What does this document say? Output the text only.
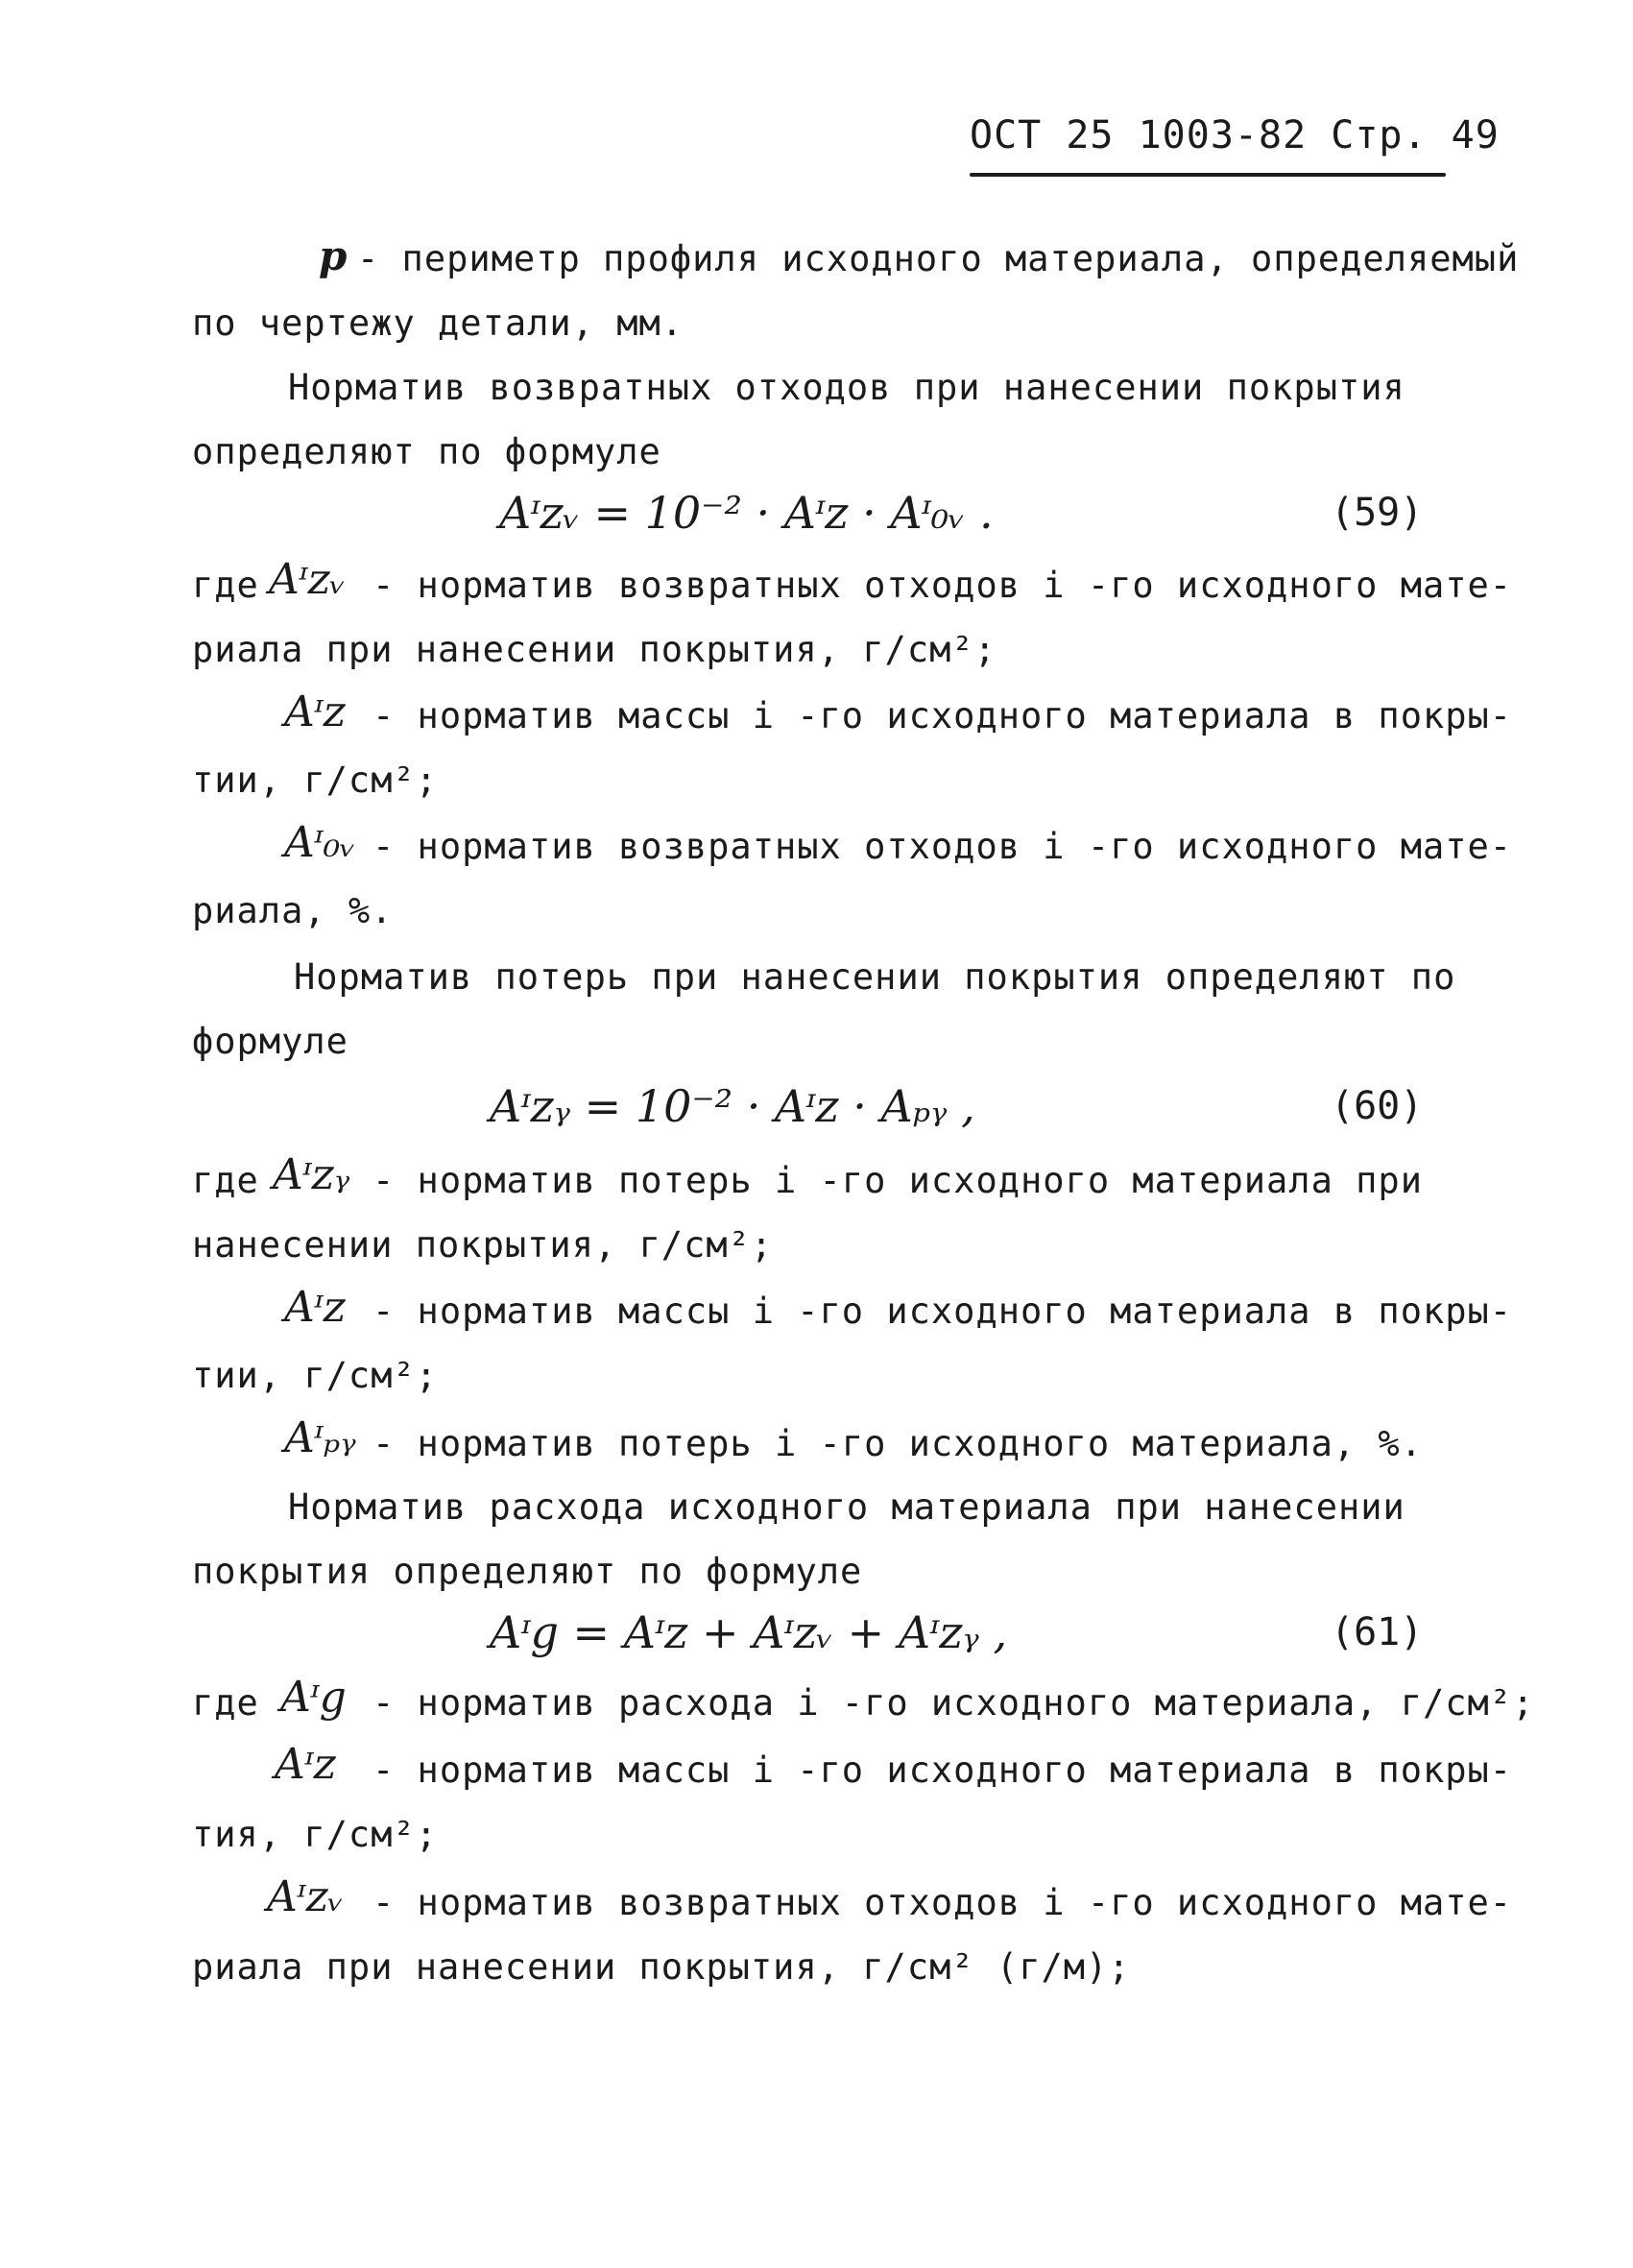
ОСТ 25 1003-82 Стр. 49
p - периметр профиля исходного материала, определяемый
по чертежу детали, мм.
Норматив возвратных отходов при нанесении покрытия
определяют по формуле
Aᶦᴢᵥ = 10⁻² · Aᶦᴢ · Aᶦ₀ᵥ .	(59)
где Aᶦᴢᵥ - норматив возвратных отходов i -го исходного мате-
риала при нанесении покрытия, г/см²;
Aᶦᴢ - норматив массы i -го исходного материала в покры-
тии, г/см²;
Aᶦ₀ᵥ - норматив возвратных отходов i -го исходного мате-
риала, %.
Норматив потерь при нанесении покрытия определяют по
формуле
Aᶦᴢᵧ = 10⁻² · Aᶦᴢ · Aₚᵧ ,	(60)
где Aᶦᴢᵧ - норматив потерь i -го исходного материала при
нанесении покрытия, г/см²;
Aᶦᴢ - норматив массы i -го исходного материала в покры-
тии, г/см²;
Aᶦₚᵧ - норматив потерь i -го исходного материала, %.
Норматив расхода исходного материала при нанесении
покрытия определяют по формуле
Aᶦg = Aᶦᴢ + Aᶦᴢᵥ + Aᶦᴢᵧ ,	(61)
где Aᶦg - норматив расхода i -го исходного материала, г/см²;
Aᶦᴢ - норматив массы i -го исходного материала в покры-
тия, г/см²;
Aᶦᴢᵥ - норматив возвратных отходов i -го исходного мате-
риала при нанесении покрытия, г/см² (г/м);
